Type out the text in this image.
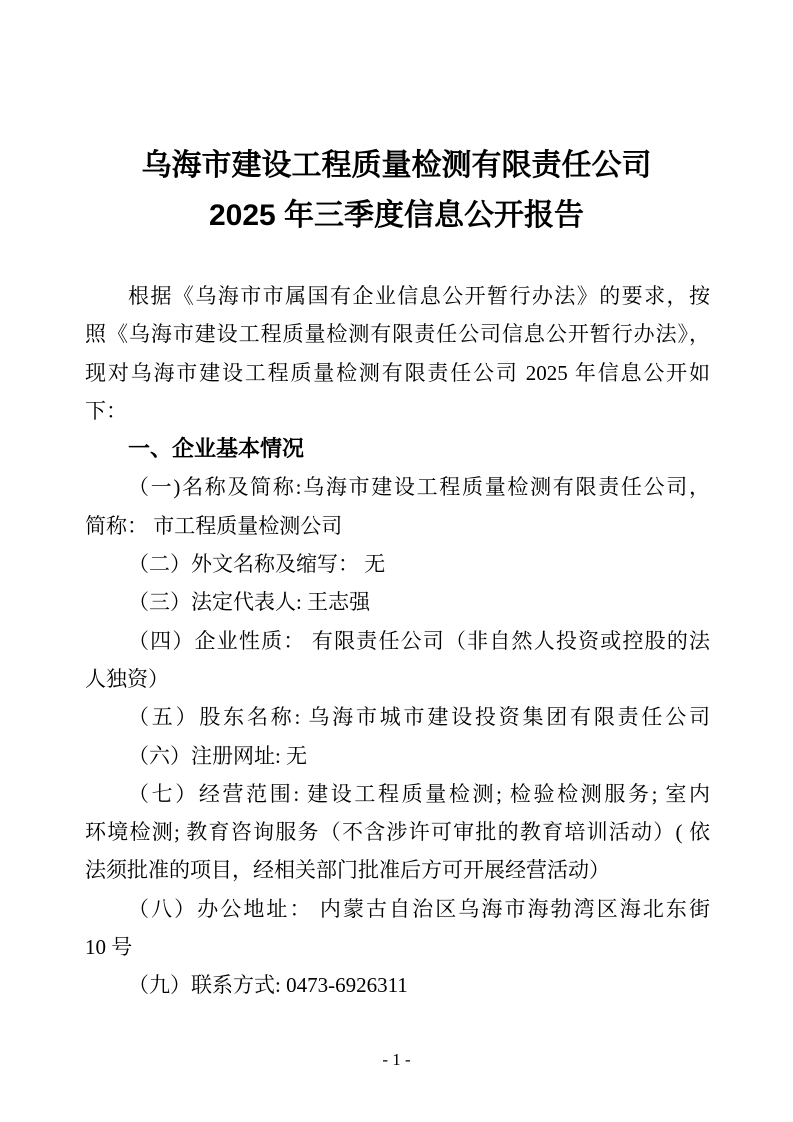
乌海市建设工程质量检测有限责任公司
2025 年三季度信息公开报告
根据《乌海市市属国有企业信息公开暂行办法》的要求，按
照《乌海市建设工程质量检测有限责任公司信息公开暂行办法》，
现对乌海市建设工程质量检测有限责任公司 2025 年信息公开如
下：
一、企业基本情况
（一)名称及简称:乌海市建设工程质量检测有限责任公司，
简称： 市工程质量检测公司
（二）外文名称及缩写： 无
（三）法定代表人: 王志强
（四）企业性质： 有限责任公司（非自然人投资或控股的法
人独资）
（五）股东名称: 乌海市城市建设投资集团有限责任公司
（六）注册网址: 无
（七）经营范围: 建设工程质量检测; 检验检测服务; 室内
环境检测; 教育咨询服务（不含涉许可审批的教育培训活动）( 依
法须批准的项目，经相关部门批准后方可开展经营活动）
（八）办公地址： 内蒙古自治区乌海市海勃湾区海北东街
10 号
（九）联系方式: 0473-6926311
- 1 -
